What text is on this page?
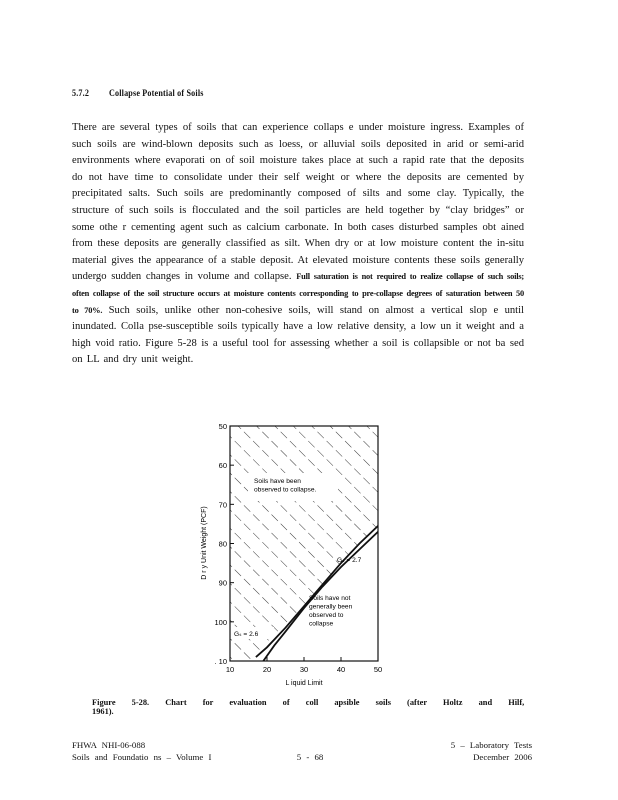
5.7.2 Collapse Potential of Soils
There are several types of soils that can experience collaps e under moisture ingress. Examples of such soils are wind-blown deposits such as loess, or alluvial soils deposited in arid or semi-arid environments where evaporati on of soil moisture takes place at such a rapid rate that the deposits do not have time to consolidate under their self weight or where the deposits are cemented by precipitated salts. Such soils are predominantly composed of silts and some clay. Typically, the structure of such soils is flocculated and the soil particles are held together by “clay bridges” or some othe r cementing agent such as calcium carbonate. In both cases disturbed samples obt ained from these deposits are generally classified as silt. When dry or at low moisture content the in-situ material gives the appearance of a stable deposit. At elevated moisture contents these soils generally undergo sudden changes in volume and collapse. Full saturation is not required to realize collapse of such soils; often collapse of the soil structure occurs at moisture contents corresponding to pre-collapse degrees of saturation between 50 to 70%. Such soils, unlike other non-cohesive soils, will stand on almost a vertical slop e until inundated. Colla pse-susceptible soils typically have a low relative density, a low un it weight and a high void ratio. Figure 5-28 is a useful tool for assessing whether a soil is collapsible or not ba sed on LL and dry unit weight.
50
60
70
80
90
100
. 10
10	20	30	40	50
L iquid Limit
D r y Unit Weight (PCF)
Soils have been observed to collapse.
Soils have not generally been observed to collapse
Gₛ = 2.7
Gₛ = 2.6
Figure 5-28. Chart for evaluation of coll apsible soils (after Holtz and Hilf, 1961).
FHWA NHI-06-088
Soils and Foundatio ns – Volume I	5 - 68
5 – Laboratory Tests
December 2006
